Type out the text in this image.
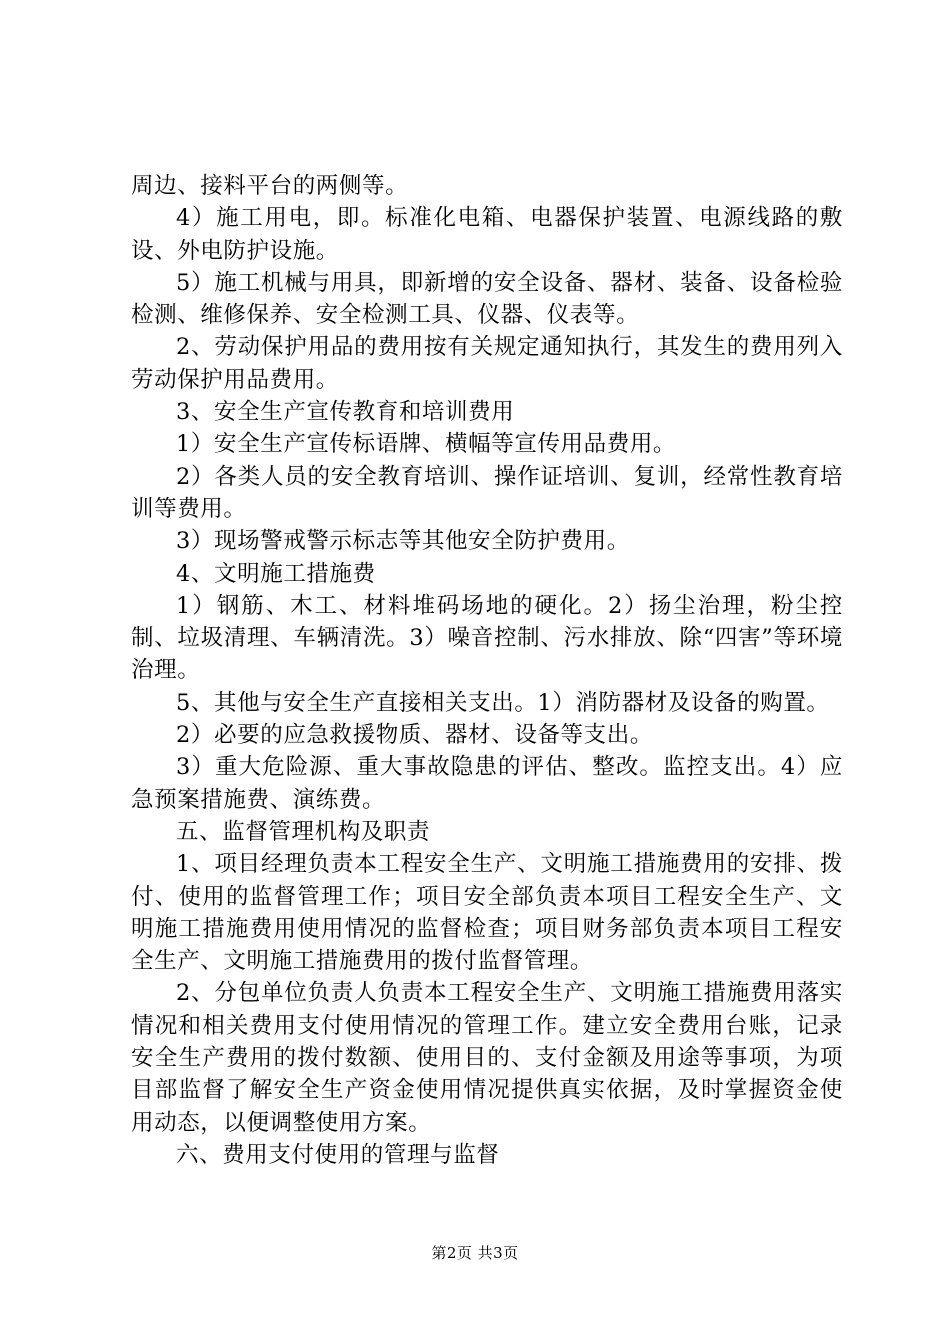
周边、接料平台的两侧等。

4）施工用电，即。标准化电箱、电器保护装置、电源线路的敷设、外电防护设施。

5）施工机械与用具，即新增的安全设备、器材、装备、设备检验检测、维修保养、安全检测工具、仪器、仪表等。

2、劳动保护用品的费用按有关规定通知执行，其发生的费用列入劳动保护用品费用。

3、安全生产宣传教育和培训费用

1）安全生产宣传标语牌、横幅等宣传用品费用。

2）各类人员的安全教育培训、操作证培训、复训，经常性教育培训等费用。

3）现场警戒警示标志等其他安全防护费用。

4、文明施工措施费

1）钢筋、木工、材料堆码场地的硬化。2）扬尘治理，粉尘控制、垃圾清理、车辆清洗。3）噪音控制、污水排放、除“四害”等环境治理。

5、其他与安全生产直接相关支出。1）消防器材及设备的购置。

2）必要的应急救援物质、器材、设备等支出。

3）重大危险源、重大事故隐患的评估、整改。监控支出。4）应急预案措施费、演练费。

五、监督管理机构及职责

1、项目经理负责本工程安全生产、文明施工措施费用的安排、拨付、使用的监督管理工作；项目安全部负责本项目工程安全生产、文明施工措施费用使用情况的监督检查；项目财务部负责本项目工程安全生产、文明施工措施费用的拨付监督管理。

2、分包单位负责人负责本工程安全生产、文明施工措施费用落实情况和相关费用支付使用情况的管理工作。建立安全费用台账，记录安全生产费用的拨付数额、使用目的、支付金额及用途等事项，为项目部监督了解安全生产资金使用情况提供真实依据，及时掌握资金使用动态，以便调整使用方案。

六、费用支付使用的管理与监督

第2页 共3页
